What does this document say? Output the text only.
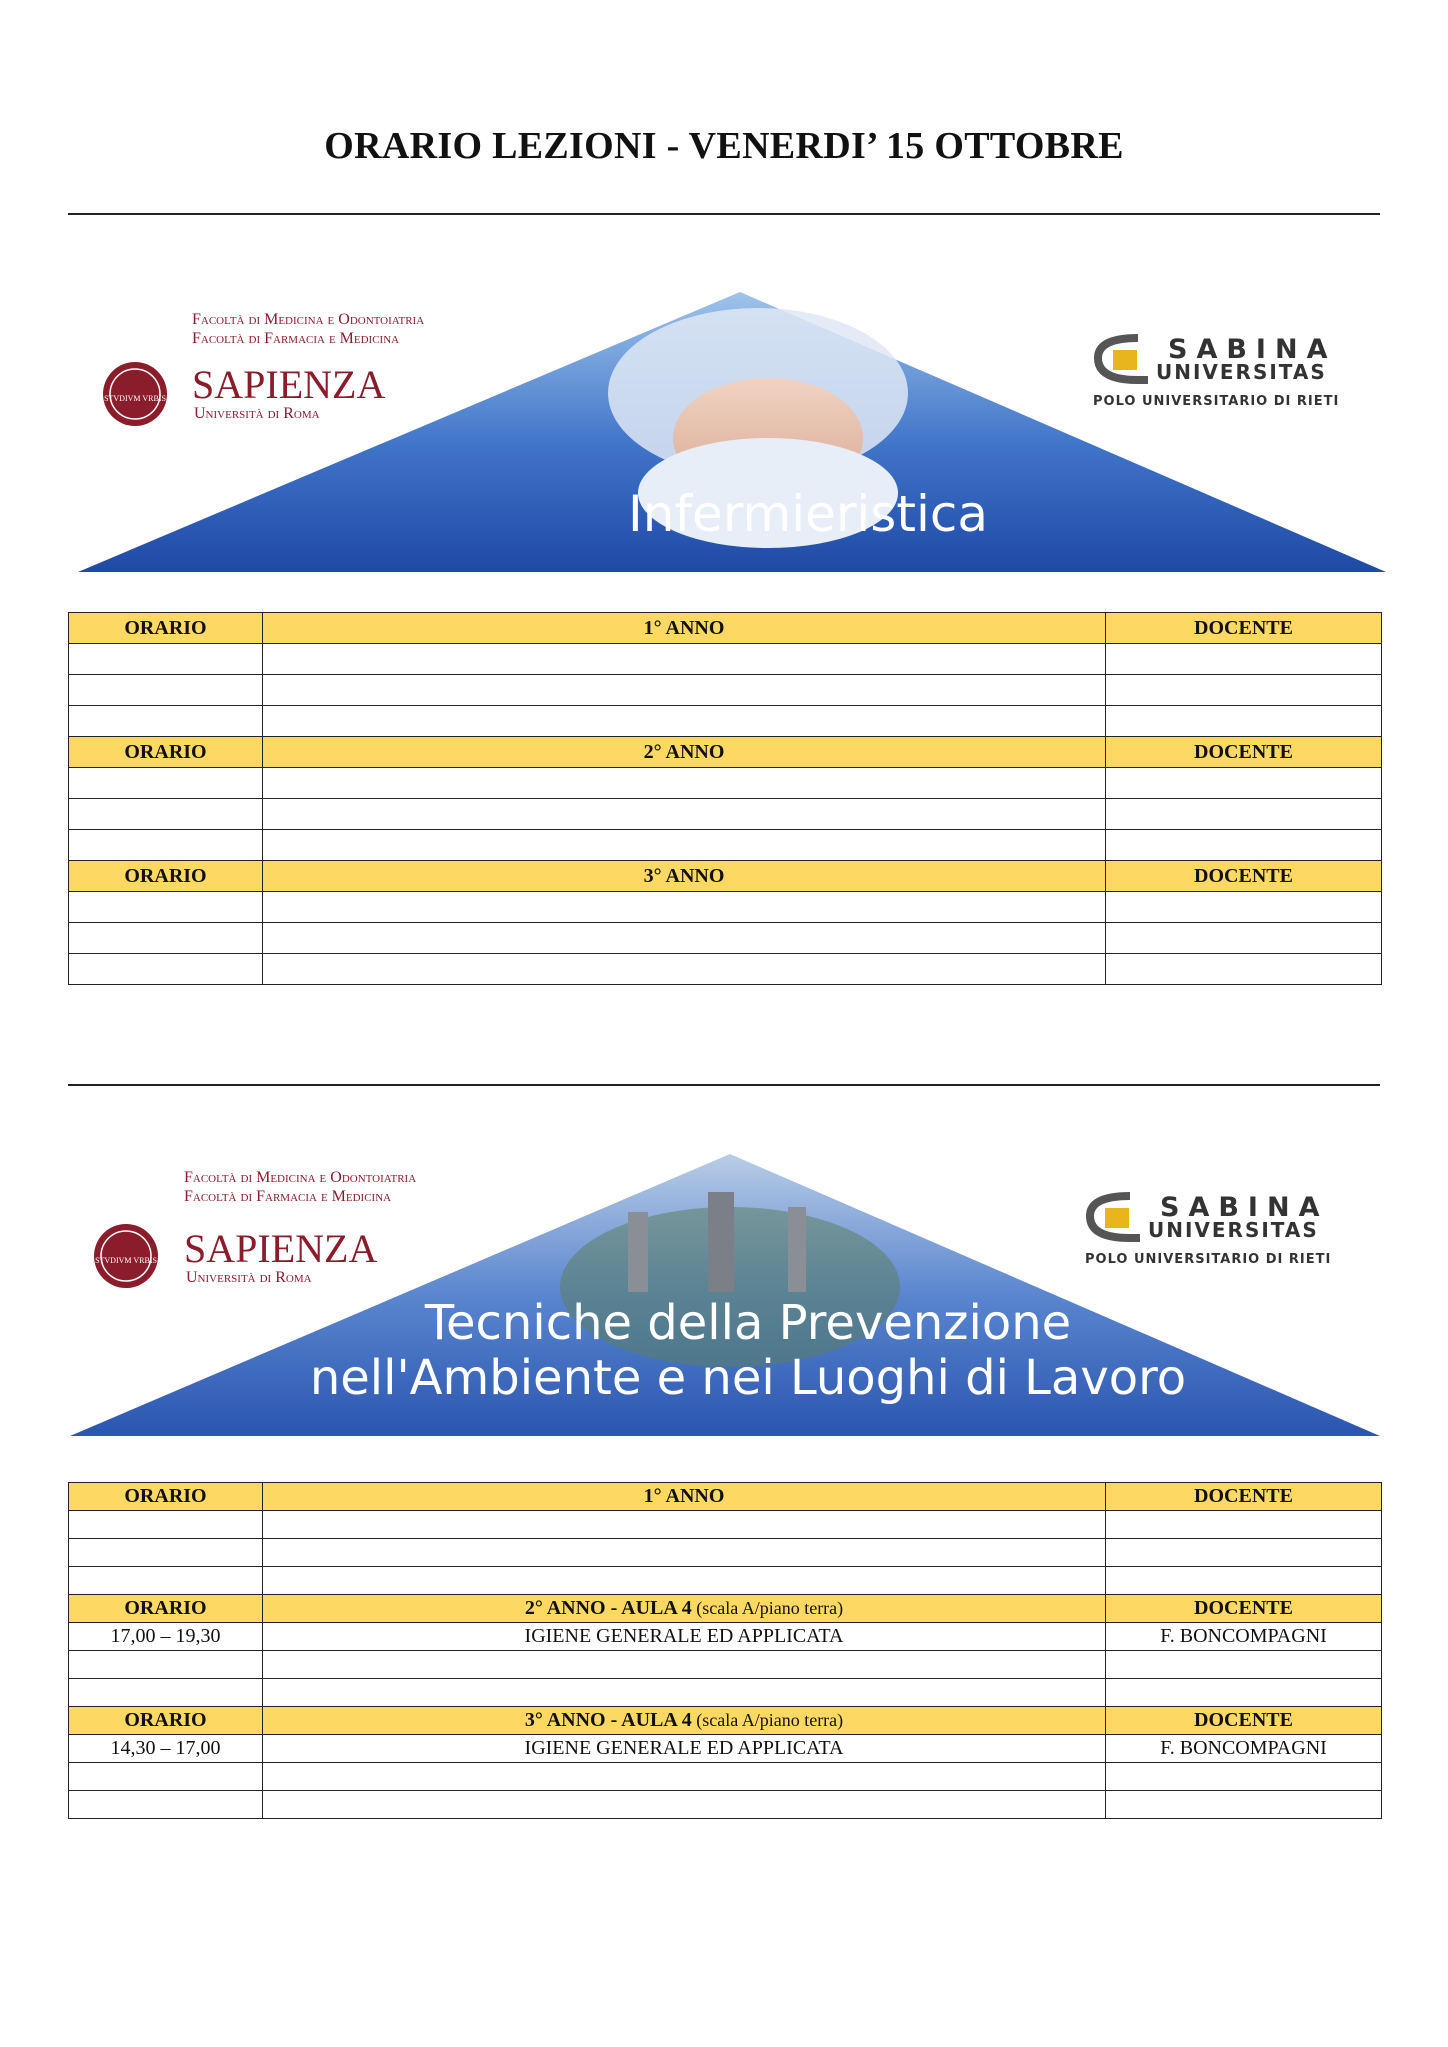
ORARIO LEZIONI - VENERDI’ 15 OTTOBRE
Infermieristica
Facoltà di Medicina e Odontoiatria
Facoltà di Farmacia e Medicina
STVDIVM VRBIS SAPIENZA
Università di Roma
SABINA
UNIVERSITAS
POLO UNIVERSITARIO DI RIETI
ORARIO	1° ANNO	DOCENTE

ORARIO	2° ANNO	DOCENTE

ORARIO	3° ANNO	DOCENTE

Tecniche della Prevenzione
nell'Ambiente e nei Luoghi di Lavoro
Facoltà di Medicina e Odontoiatria
Facoltà di Farmacia e Medicina
STVDIVM VRBIS SAPIENZA
Università di Roma
SABINA
UNIVERSITAS
POLO UNIVERSITARIO DI RIETI
ORARIO	1° ANNO	DOCENTE

ORARIO	2° ANNO - AULA 4 (scala A/piano terra)	DOCENTE
17,00 – 19,30	IGIENE GENERALE ED APPLICATA	F. BONCOMPAGNI

ORARIO	3° ANNO - AULA 4 (scala A/piano terra)	DOCENTE
14,30 – 17,00	IGIENE GENERALE ED APPLICATA	F. BONCOMPAGNI
